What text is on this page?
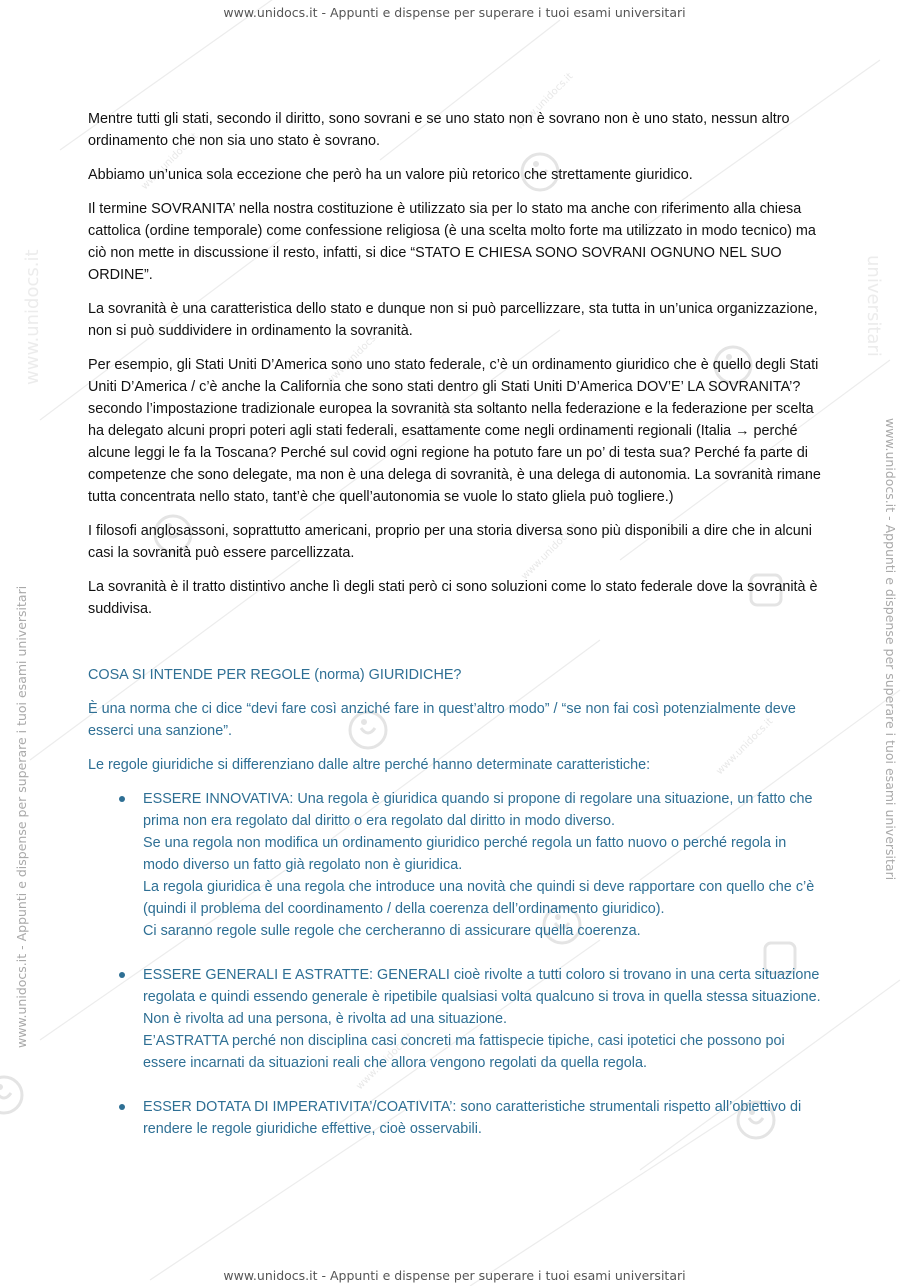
www.unidocs.it
www.unidocs.it
www.unidocs.it
www.unidocs.it
www.unidocs.it
www.unidocs.it
www.unidocs.it - Appunti e dispense per superare i tuoi esami universitari
www.unidocs.it	universitari
www.unidocs.it - Appunti e dispense per superare i tuoi esami universitari	www.unidocs.it - Appunti e dispense per superare i tuoi esami universitari
www.unidocs.it - Appunti e dispense per superare i tuoi esami universitari

Mentre tutti gli stati, secondo il diritto, sono sovrani e se uno stato non è sovrano non è uno stato, nessun altro ordinamento che non sia uno stato è sovrano.

Abbiamo un’unica sola eccezione che però ha un valore più retorico che strettamente giuridico.

Il termine SOVRANITA’ nella nostra costituzione è utilizzato sia per lo stato ma anche con riferimento alla chiesa cattolica (ordine temporale) come confessione religiosa (è una scelta molto forte ma utilizzato in modo tecnico) ma ciò non mette in discussione il resto, infatti, si dice “STATO E CHIESA SONO SOVRANI OGNUNO NEL SUO ORDINE”.

La sovranità è una caratteristica dello stato e dunque non si può parcellizzare, sta tutta in un’unica organizzazione, non si può suddividere in ordinamento la sovranità.

Per esempio, gli Stati Uniti D’America sono uno stato federale, c’è un ordinamento giuridico che è quello degli Stati Uniti D’America / c’è anche la California che sono stati dentro gli Stati Uniti D’America DOV’E’ LA SOVRANITA’? secondo l’impostazione tradizionale europea la sovranità sta soltanto nella federazione e la federazione per scelta ha delegato alcuni propri poteri agli stati federali, esattamente come negli ordinamenti regionali (Italia → perché alcune leggi le fa la Toscana? Perché sul covid ogni regione ha potuto fare un po’ di testa sua? Perché fa parte di competenze che sono delegate, ma non è una delega di sovranità, è una delega di autonomia. La sovranità rimane tutta concentrata nello stato, tant’è che quell’autonomia se vuole lo stato gliela può togliere.)

I filosofi anglosassoni, soprattutto americani, proprio per una storia diversa sono più disponibili a dire che in alcuni casi la sovranità può essere parcellizzata.

La sovranità è il tratto distintivo anche lì degli stati però ci sono soluzioni come lo stato federale dove la sovranità è suddivisa.

COSA SI INTENDE PER REGOLE (norma) GIURIDICHE?

È una norma che ci dice “devi fare così anziché fare in quest’altro modo” / “se non fai così potenzialmente deve esserci una sanzione”.

Le regole giuridiche si differenziano dalle altre perché hanno determinate caratteristiche:

ESSERE INNOVATIVA: Una regola è giuridica quando si propone di regolare una situazione, un fatto che prima non era regolato dal diritto o era regolato dal diritto in modo diverso.
Se una regola non modifica un ordinamento giuridico perché regola un fatto nuovo o perché regola in modo diverso un fatto già regolato non è giuridica.
La regola giuridica è una regola che introduce una novità che quindi si deve rapportare con quello che c’è (quindi il problema del coordinamento / della coerenza dell’ordinamento giuridico).
Ci saranno regole sulle regole che cercheranno di assicurare quella coerenza.
ESSERE GENERALI E ASTRATTE: GENERALI cioè rivolte a tutti coloro si trovano in una certa situazione regolata e quindi essendo generale è ripetibile qualsiasi volta qualcuno si trova in quella stessa situazione.
Non è rivolta ad una persona, è rivolta ad una situazione.
E’ASTRATTA perché non disciplina casi concreti ma fattispecie tipiche, casi ipotetici che possono poi essere incarnati da situazioni reali che allora vengono regolati da quella regola.
ESSER DOTATA DI IMPERATIVITA’/COATIVITA’: sono caratteristiche strumentali rispetto all’obiettivo di rendere le regole giuridiche effettive, cioè osservabili.
